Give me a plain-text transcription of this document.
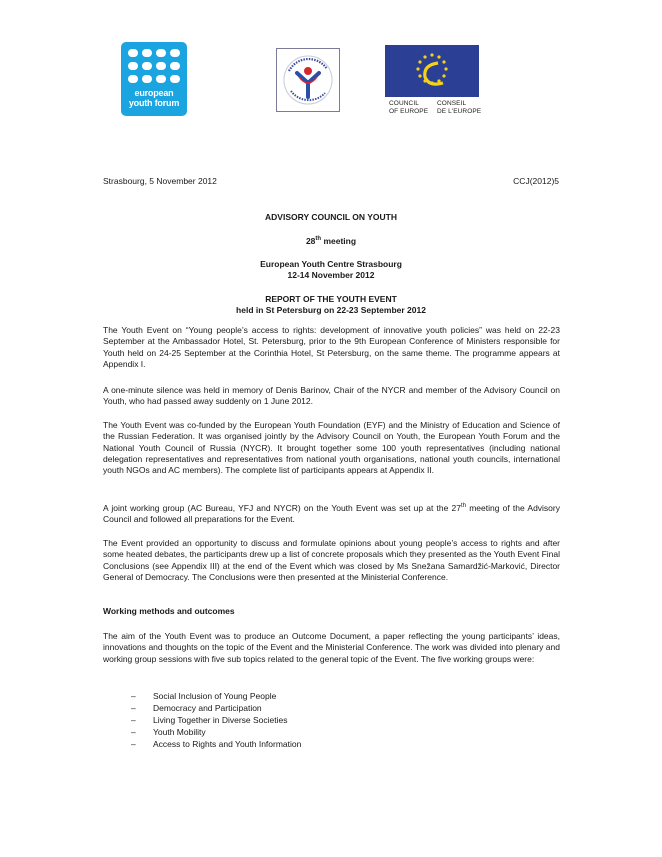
european
youth forum	COUNCIL
OF EUROPE
CONSEIL
DE L'EUROPE
Strasbourg, 5 November 2012	CCJ(2012)5
ADVISORY COUNCIL ON YOUTH
28th meeting
European Youth Centre Strasbourg
12-14 November 2012
REPORT OF THE YOUTH EVENT
held in St Petersburg on 22-23 September 2012

The Youth Event on “Young people’s access to rights: development of innovative youth policies” was held on 22-23 September at the Ambassador Hotel, St. Petersburg, prior to the 9th European Conference of Ministers responsible for Youth held on 24-25 September at the Corinthia Hotel, St Petersburg, on the same theme. The programme appears at Appendix I.

A one-minute silence was held in memory of Denis Barinov, Chair of the NYCR and member of the Advisory Council on Youth, who had passed away suddenly on 1 June 2012.

The Youth Event was co-funded by the European Youth Foundation (EYF) and the Ministry of Education and Science of the Russian Federation. It was organised jointly by the Advisory Council on Youth, the European Youth Forum and the National Youth Council of Russia (NYCR). It brought together some 100 youth representatives (including national delegation representatives and representatives from national youth organisations, national youth councils, international youth NGOs and AC members). The complete list of participants appears at Appendix II.

A joint working group (AC Bureau, YFJ and NYCR) on the Youth Event was set up at the 27th meeting of the Advisory Council and followed all preparations for the Event.

The Event provided an opportunity to discuss and formulate opinions about young people’s access to rights and after some heated debates, the participants drew up a list of concrete proposals which they presented as the Youth Event Final Conclusions (see Appendix III) at the end of the Event which was closed by Ms Snežana Samardžić-Marković, Director General of Democracy. The Conclusions were then presented at the Ministerial Conference.

Working methods and outcomes

The aim of the Youth Event was to produce an Outcome Document, a paper reflecting the young participants’ ideas, innovations and thoughts on the topic of the Event and the Ministerial Conference. The work was divided into plenary and working group sessions with five sub topics related to the general topic of the Event. The five working groups were:

– Social Inclusion of Young People
– Democracy and Participation
– Living Together in Diverse Societies
– Youth Mobility
– Access to Rights and Youth Information
